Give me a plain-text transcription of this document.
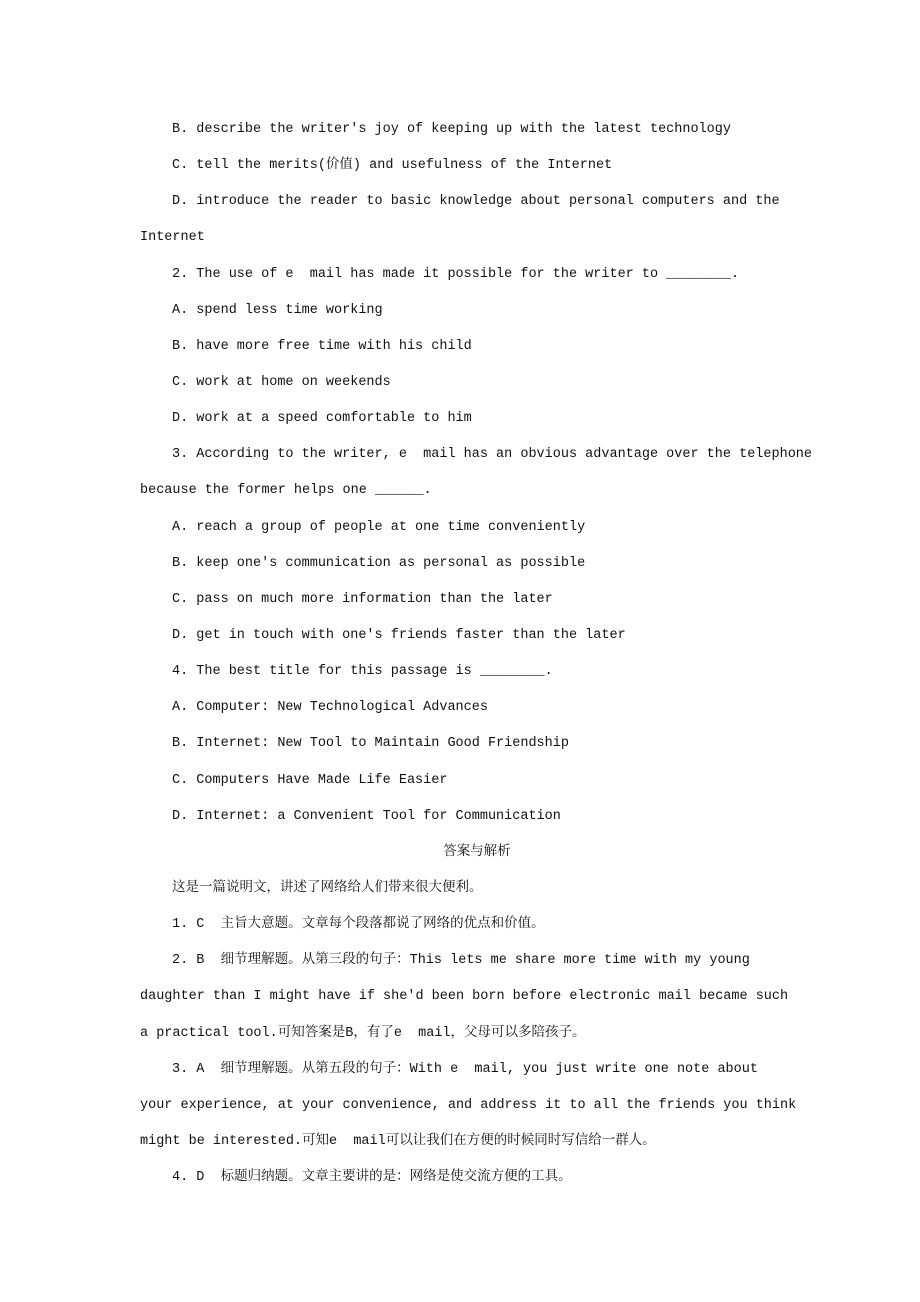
B. describe the writer's joy of keeping up with the latest technology
C. tell the merits(价值) and usefulness of the Internet
D. introduce the reader to basic knowledge about personal computers and the
Internet
2. The use of e  mail has made it possible for the writer to ________.
A. spend less time working
B. have more free time with his child
C. work at home on weekends
D. work at a speed comfortable to him
3. According to the writer, e  mail has an obvious advantage over the telephone
because the former helps one ______.
A. reach a group of people at one time conveniently
B. keep one's communication as personal as possible
C. pass on much more information than the later
D. get in touch with one's friends faster than the later
4. The best title for this passage is ________.
A. Computer: New Technological Advances
B. Internet: New Tool to Maintain Good Friendship
C. Computers Have Made Life Easier
D. Internet: a Convenient Tool for Communication
答案与解析
这是一篇说明文，讲述了网络给人们带来很大便利。
1. C  主旨大意题。文章每个段落都说了网络的优点和价值。
2. B  细节理解题。从第三段的句子：This lets me share more time with my young
daughter than I might have if she'd been born before electronic mail became such
a practical tool.可知答案是B，有了e  mail，父母可以多陪孩子。
3. A  细节理解题。从第五段的句子：With e  mail, you just write one note about
your experience, at your convenience, and address it to all the friends you think
might be interested.可知e  mail可以让我们在方便的时候同时写信给一群人。
4. D  标题归纳题。文章主要讲的是：网络是使交流方便的工具。
